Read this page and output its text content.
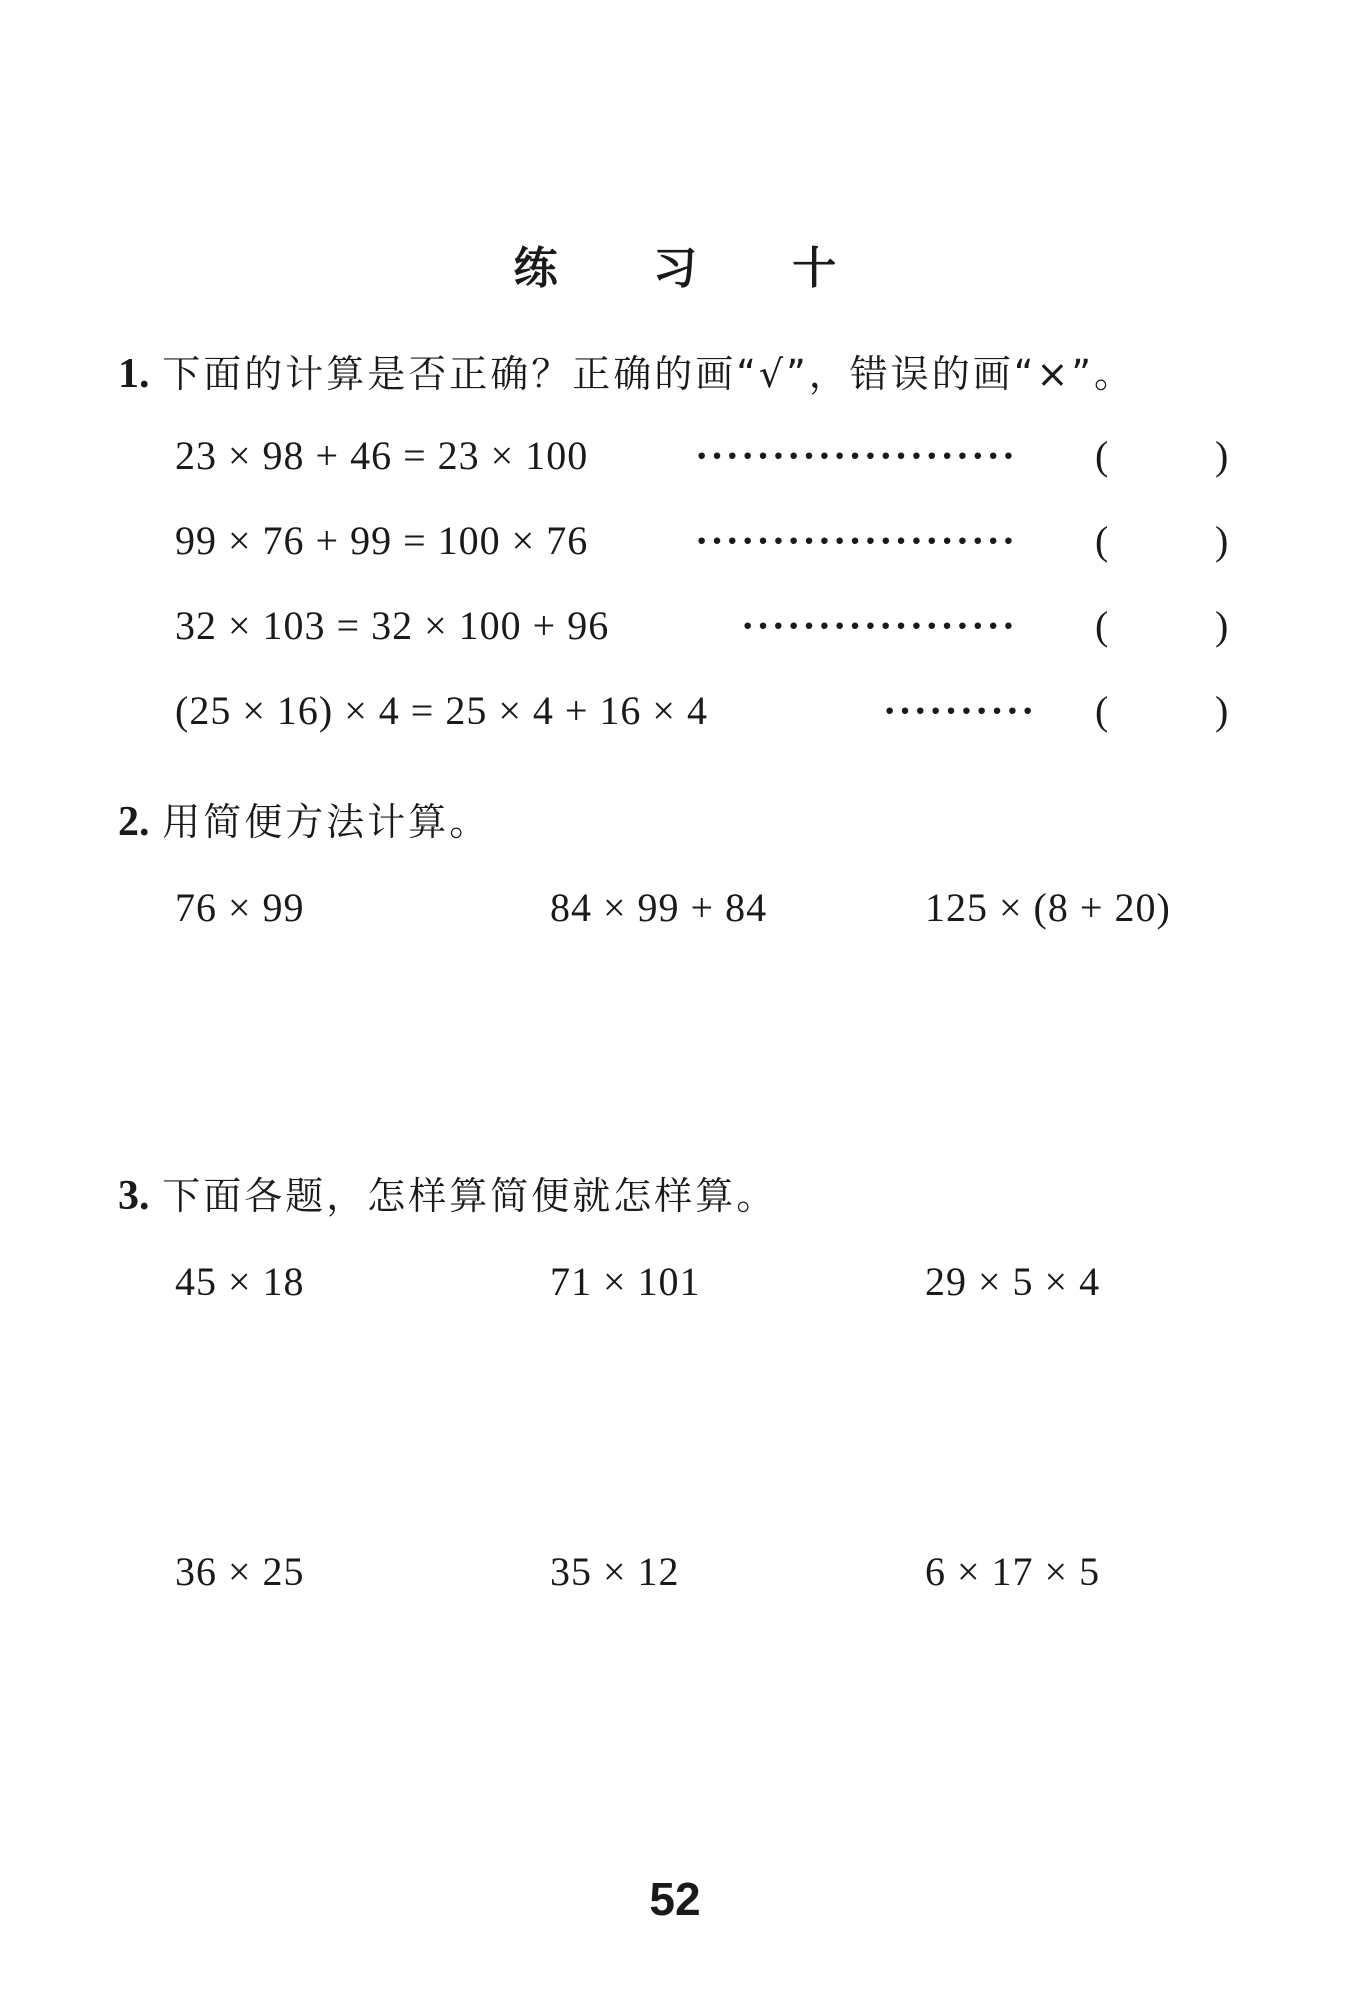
练 习 十
1. 下面的计算是否正确？正确的画“√”，错误的画“×”。
23 × 98 + 46 = 23 × 100	····················· (	)
99 × 76 + 99 = 100 × 76	····················· (	)
32 × 103 = 32 × 100 + 96	·················· (	)
(25 × 16) × 4 = 25 × 4 + 16 × 4	·········· (	)
2. 用简便方法计算。
76 × 99	84 × 99 + 84	125 × (8 + 20)
3. 下面各题，怎样算简便就怎样算。
45 × 18	71 × 101	29 × 5 × 4
36 × 25	35 × 12	6 × 17 × 5
52
